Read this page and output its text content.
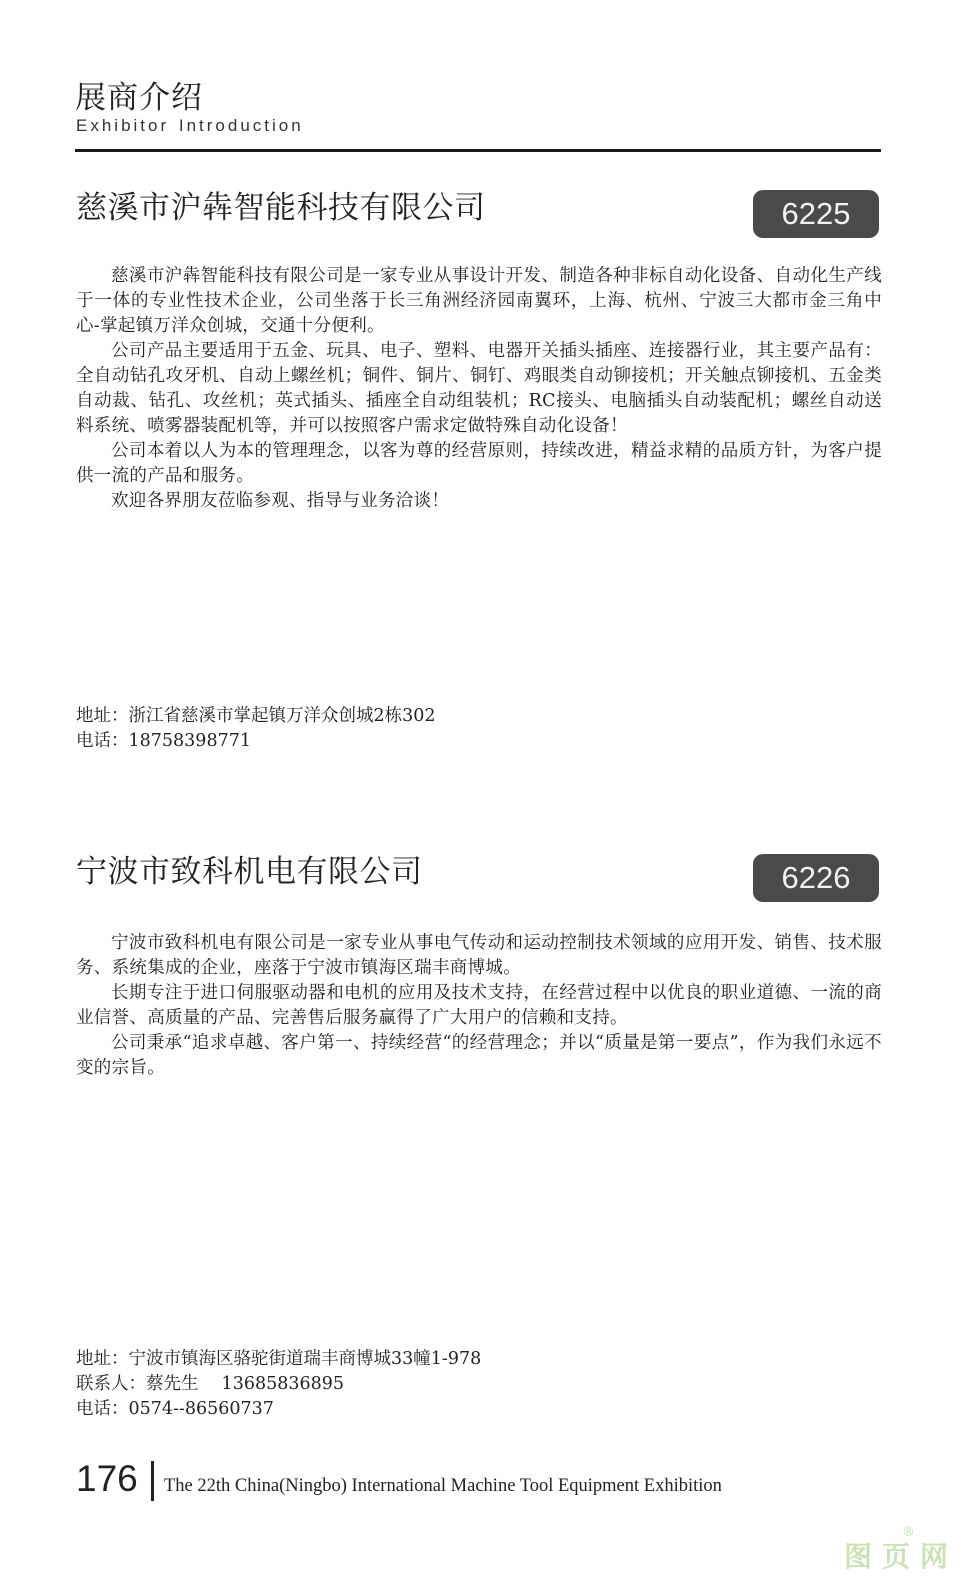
展商介绍
Exhibitor Introduction
慈溪市沪犇智能科技有限公司	6225

慈溪市沪犇智能科技有限公司是一家专业从事设计开发、制造各种非标自动化设备、自动化生产线于一体的专业性技术企业，公司坐落于长三角洲经济园南翼环，上海、杭州、宁波三大都市金三角中心-掌起镇万洋众创城，交通十分便利。

公司产品主要适用于五金、玩具、电子、塑料、电器开关插头插座、连接器行业，其主要产品有：全自动钻孔攻牙机、自动上螺丝机；铜件、铜片、铜钉、鸡眼类自动铆接机；开关触点铆接机、五金类自动裁、钻孔、攻丝机；英式插头、插座全自动组装机；RC接头、电脑插头自动装配机；螺丝自动送料系统、喷雾器装配机等，并可以按照客户需求定做特殊自动化设备！

公司本着以人为本的管理理念，以客为尊的经营原则，持续改进，精益求精的品质方针，为客户提供一流的产品和服务。

欢迎各界朋友莅临参观、指导与业务洽谈！

地址：浙江省慈溪市掌起镇万洋众创城2栋302
电话：18758398771
宁波市致科机电有限公司	6226

宁波市致科机电有限公司是一家专业从事电气传动和运动控制技术领域的应用开发、销售、技术服务、系统集成的企业，座落于宁波市镇海区瑞丰商博城。

长期专注于进口伺服驱动器和电机的应用及技术支持，在经营过程中以优良的职业道德、一流的商业信誉、高质量的产品、完善售后服务赢得了广大用户的信赖和支持。

公司秉承“追求卓越、客户第一、持续经营“的经营理念；并以“质量是第一要点”，作为我们永远不变的宗旨。

地址：宁波市镇海区骆驼街道瑞丰商博城33幢1-978
联系人：蔡先生　 13685836895
电话：0574--86560737
176 The 22th China(Ningbo) International Machine Tool Equipment Exhibition
图页网
®
